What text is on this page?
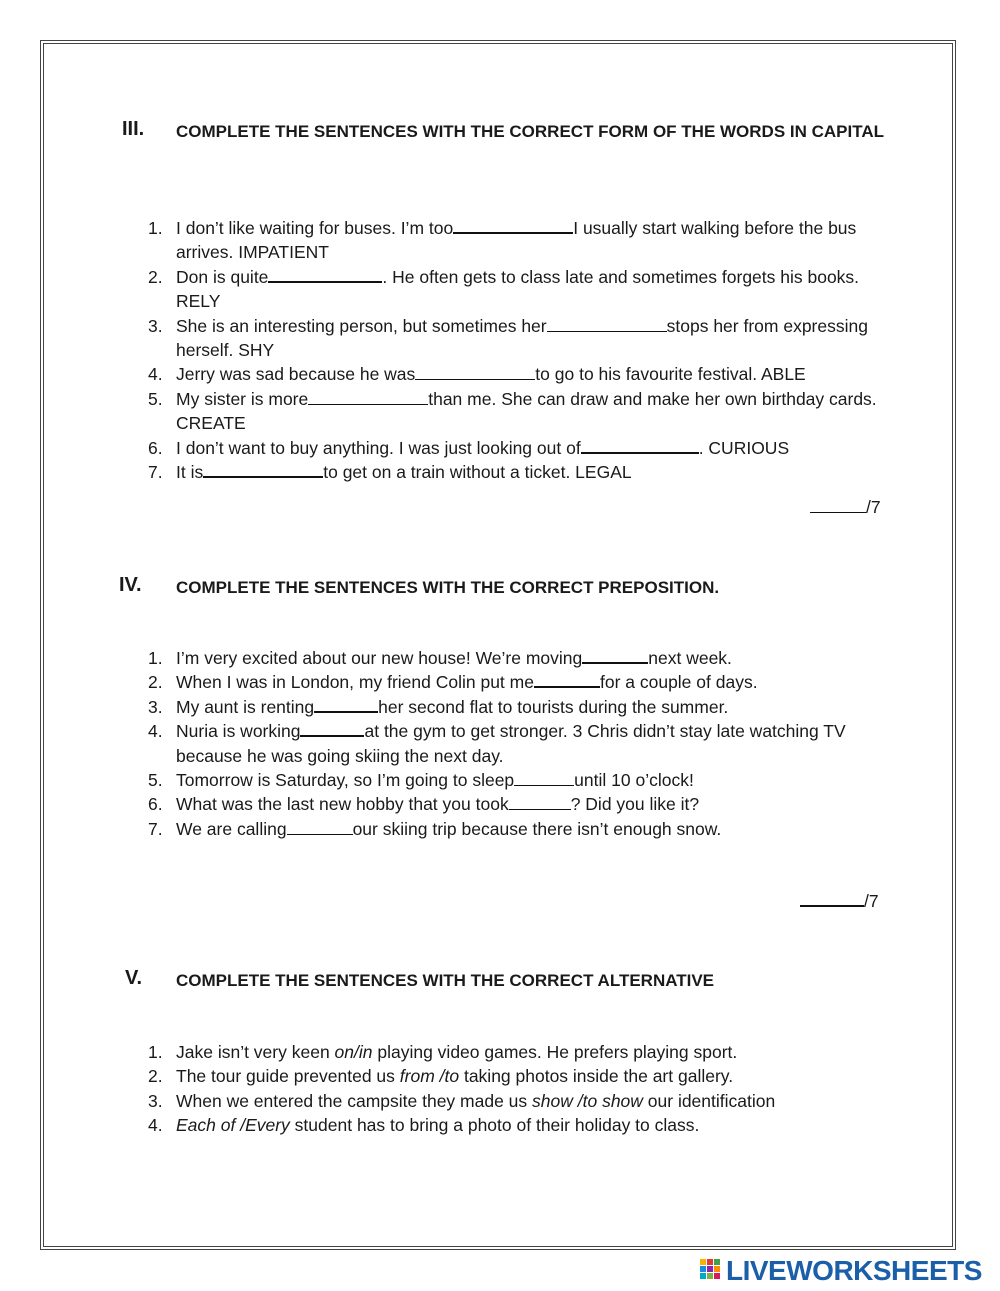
III. COMPLETE THE SENTENCES WITH THE CORRECT FORM OF THE WORDS IN CAPITAL
1. I don’t like waiting for buses. I’m too	I usually start walking before the bus arrives. IMPATIENT
2. Don is quite	. He often gets to class late and sometimes forgets his books. RELY
3. She is an interesting person, but sometimes her	stops her from expressing herself. SHY
4. Jerry was sad because he was	to go to his favourite festival. ABLE
5. My sister is more	than me. She can draw and make her own birthday cards. CREATE
6. I don’t want to buy anything. I was just looking out of	. CURIOUS
7. It is	to get on a train without a ticket. LEGAL
/7
IV. COMPLETE THE SENTENCES WITH THE CORRECT PREPOSITION.
1. I’m very excited about our new house! We’re moving	next week.
2. When I was in London, my friend Colin put me	for a couple of days.
3. My aunt is renting	her second flat to tourists during the summer.
4. Nuria is working	at the gym to get stronger. 3 Chris didn’t stay late watching TV because he was going skiing the next day.
5. Tomorrow is Saturday, so I’m going to sleep	until 10 o’clock!
6. What was the last new hobby that you took	? Did you like it?
7. We are calling	our skiing trip because there isn’t enough snow.
/7
V. COMPLETE THE SENTENCES WITH THE CORRECT ALTERNATIVE
1. Jake isn’t very keen on/in playing video games. He prefers playing sport.
2. The tour guide prevented us from /to taking photos inside the art gallery.
3. When we entered the campsite they made us show /to show our identification
4. Each of /Every student has to bring a photo of their holiday to class.
LIVEWORKSHEETS
